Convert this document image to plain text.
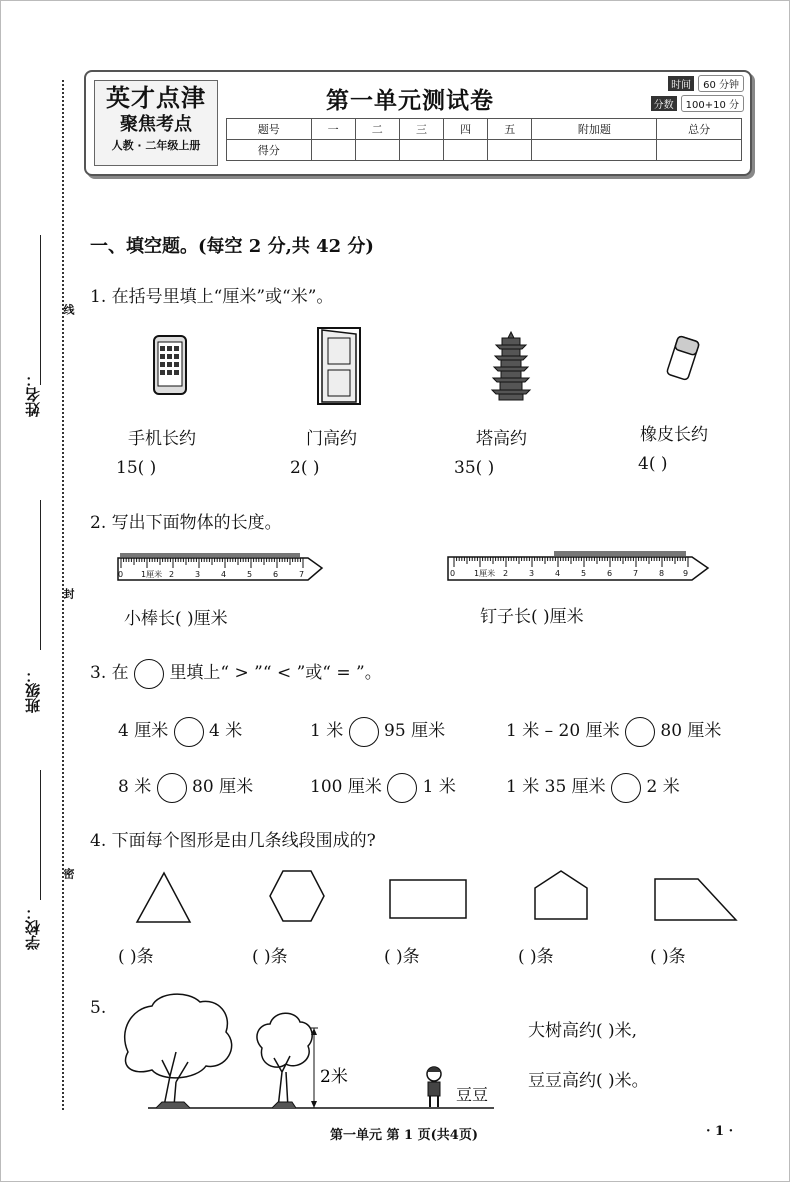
姓名：
班级：
学校：
线
封
密
英才点津
聚焦考点
人教 · 二年级上册
第一单元测试卷
时间 60 分钟
分数 100+10 分
题号	一	二	三	四	五	附加题	总分
得分							
一、填空题。(每空 2 分,共 42 分)
1. 在括号里填上“厘米”或“米”。
手机长约	门高约	塔高约	橡皮长约
15( )	2( )	35( )	4( )
2. 写出下面物体的长度。
0 1厘米 2	3	4	5	6	7	0 1厘米 2	3	4	5	6	7	8 9
小棒长( )厘米	钉子长( )厘米
3. 在 里填上“ > ”“ < ”或“ = ”。
4 厘米 4 米	1 米 95 厘米	1 米 – 20 厘米 80 厘米
8 米 80 厘米	100 厘米 1 米	1 米 35 厘米 2 米
4. 下面每个图形是由几条线段围成的?
( )条	( )条	( )条	( )条	( )条
5.
2米
豆豆
大树高约( )米,
豆豆高约( )米。
第一单元 第 1 页(共4页)	· 1 ·
